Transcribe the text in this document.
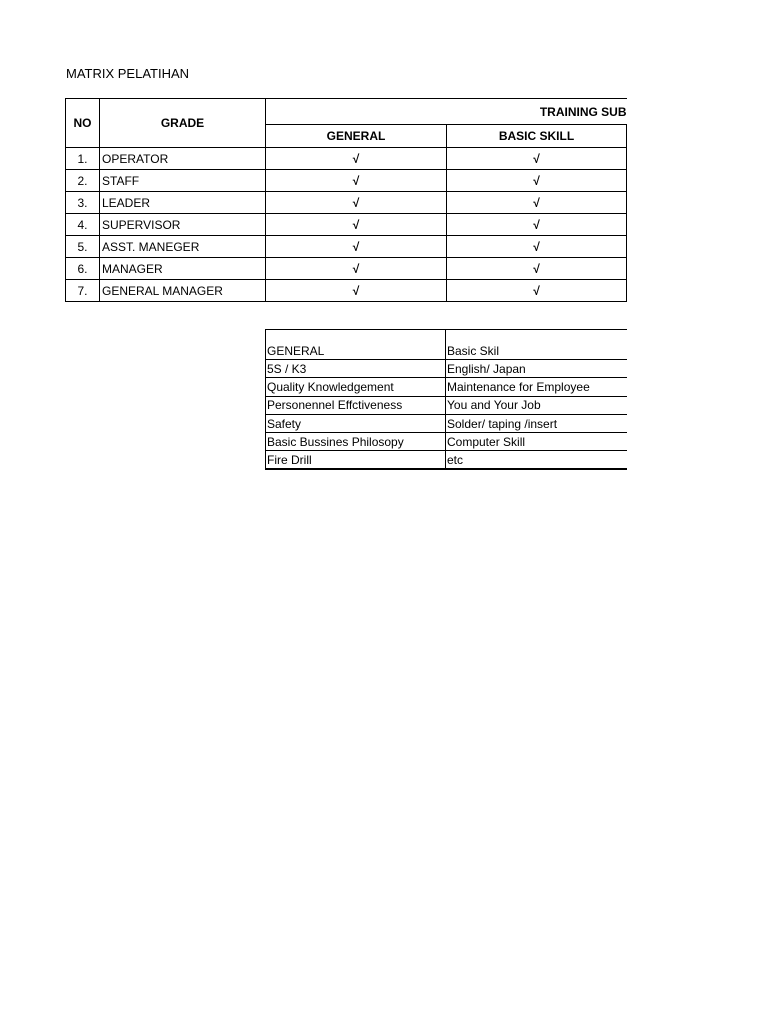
MATRIX PELATIHAN
NO	GRADE	TRAINING SUB	
		GENERAL	BASIC SKILL
1.	OPERATOR	√	√
2.	STAFF	√	√
3.	LEADER	√	√
4.	SUPERVISOR	√	√
5.	ASST. MANEGER	√	√
6.	MANAGER	√	√
7.	GENERAL MANAGER	√	√
GENERAL	Basic Skil
5S / K3	English/ Japan
Quality Knowledgement	Maintenance for Employee
Personennel Effctiveness	You and Your Job
Safety	Solder/ taping /insert
Basic Bussines Philosopy	Computer Skill
Fire Drill	etc
